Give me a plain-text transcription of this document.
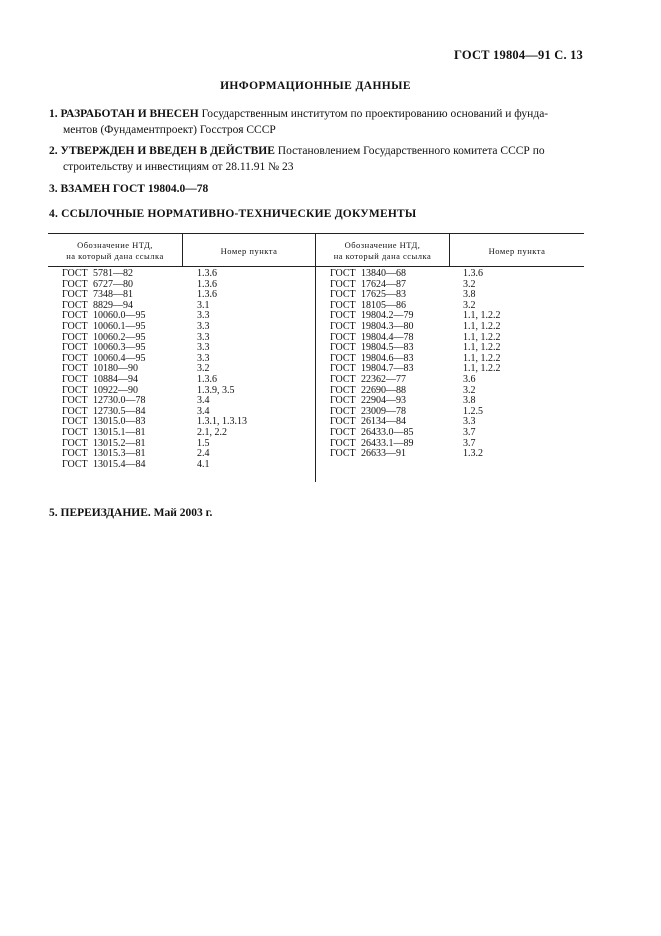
ГОСТ 19804—91 С. 13
ИНФОРМАЦИОННЫЕ ДАННЫЕ
1. РАЗРАБОТАН И ВНЕСЕН Государственным институтом по проектированию оснований и фунда-
ментов (Фундаментпроект) Госстроя СССР
2. УТВЕРЖДЕН И ВВЕДЕН В ДЕЙСТВИЕ Постановлением Государственного комитета СССР по
строительству и инвестициям от 28.11.91 № 23
3. ВЗАМЕН ГОСТ 19804.0—78
4. ССЫЛОЧНЫЕ НОРМАТИВНО-ТЕХНИЧЕСКИЕ ДОКУМЕНТЫ
Обозначение НТД,
на который дана ссылка
Номер пункта
Обозначение НТД,
на который дана ссылка
Номер пункта
ГОСТ 5781—82
ГОСТ 6727—80
ГОСТ 7348—81
ГОСТ 8829—94
ГОСТ 10060.0—95
ГОСТ 10060.1—95
ГОСТ 10060.2—95
ГОСТ 10060.3—95
ГОСТ 10060.4—95
ГОСТ 10180—90
ГОСТ 10884—94
ГОСТ 10922—90
ГОСТ 12730.0—78
ГОСТ 12730.5—84
ГОСТ 13015.0—83
ГОСТ 13015.1—81
ГОСТ 13015.2—81
ГОСТ 13015.3—81
ГОСТ 13015.4—84
1.3.6
1.3.6
1.3.6
3.1
3.3
3.3
3.3
3.3
3.3
3.2
1.3.6
1.3.9, 3.5
3.4
3.4
1.3.1, 1.3.13
2.1, 2.2
1.5
2.4
4.1
ГОСТ 13840—68
ГОСТ 17624—87
ГОСТ 17625—83
ГОСТ 18105—86
ГОСТ 19804.2—79
ГОСТ 19804.3—80
ГОСТ 19804.4—78
ГОСТ 19804.5—83
ГОСТ 19804.6—83
ГОСТ 19804.7—83
ГОСТ 22362—77
ГОСТ 22690—88
ГОСТ 22904—93
ГОСТ 23009—78
ГОСТ 26134—84
ГОСТ 26433.0—85
ГОСТ 26433.1—89
ГОСТ 26633—91
1.3.6
3.2
3.8
3.2
1.1, 1.2.2
1.1, 1.2.2
1.1, 1.2.2
1.1, 1.2.2
1.1, 1.2.2
1.1, 1.2.2
3.6
3.2
3.8
1.2.5
3.3
3.7
3.7
1.3.2
5. ПЕРЕИЗДАНИЕ. Май 2003 г.
